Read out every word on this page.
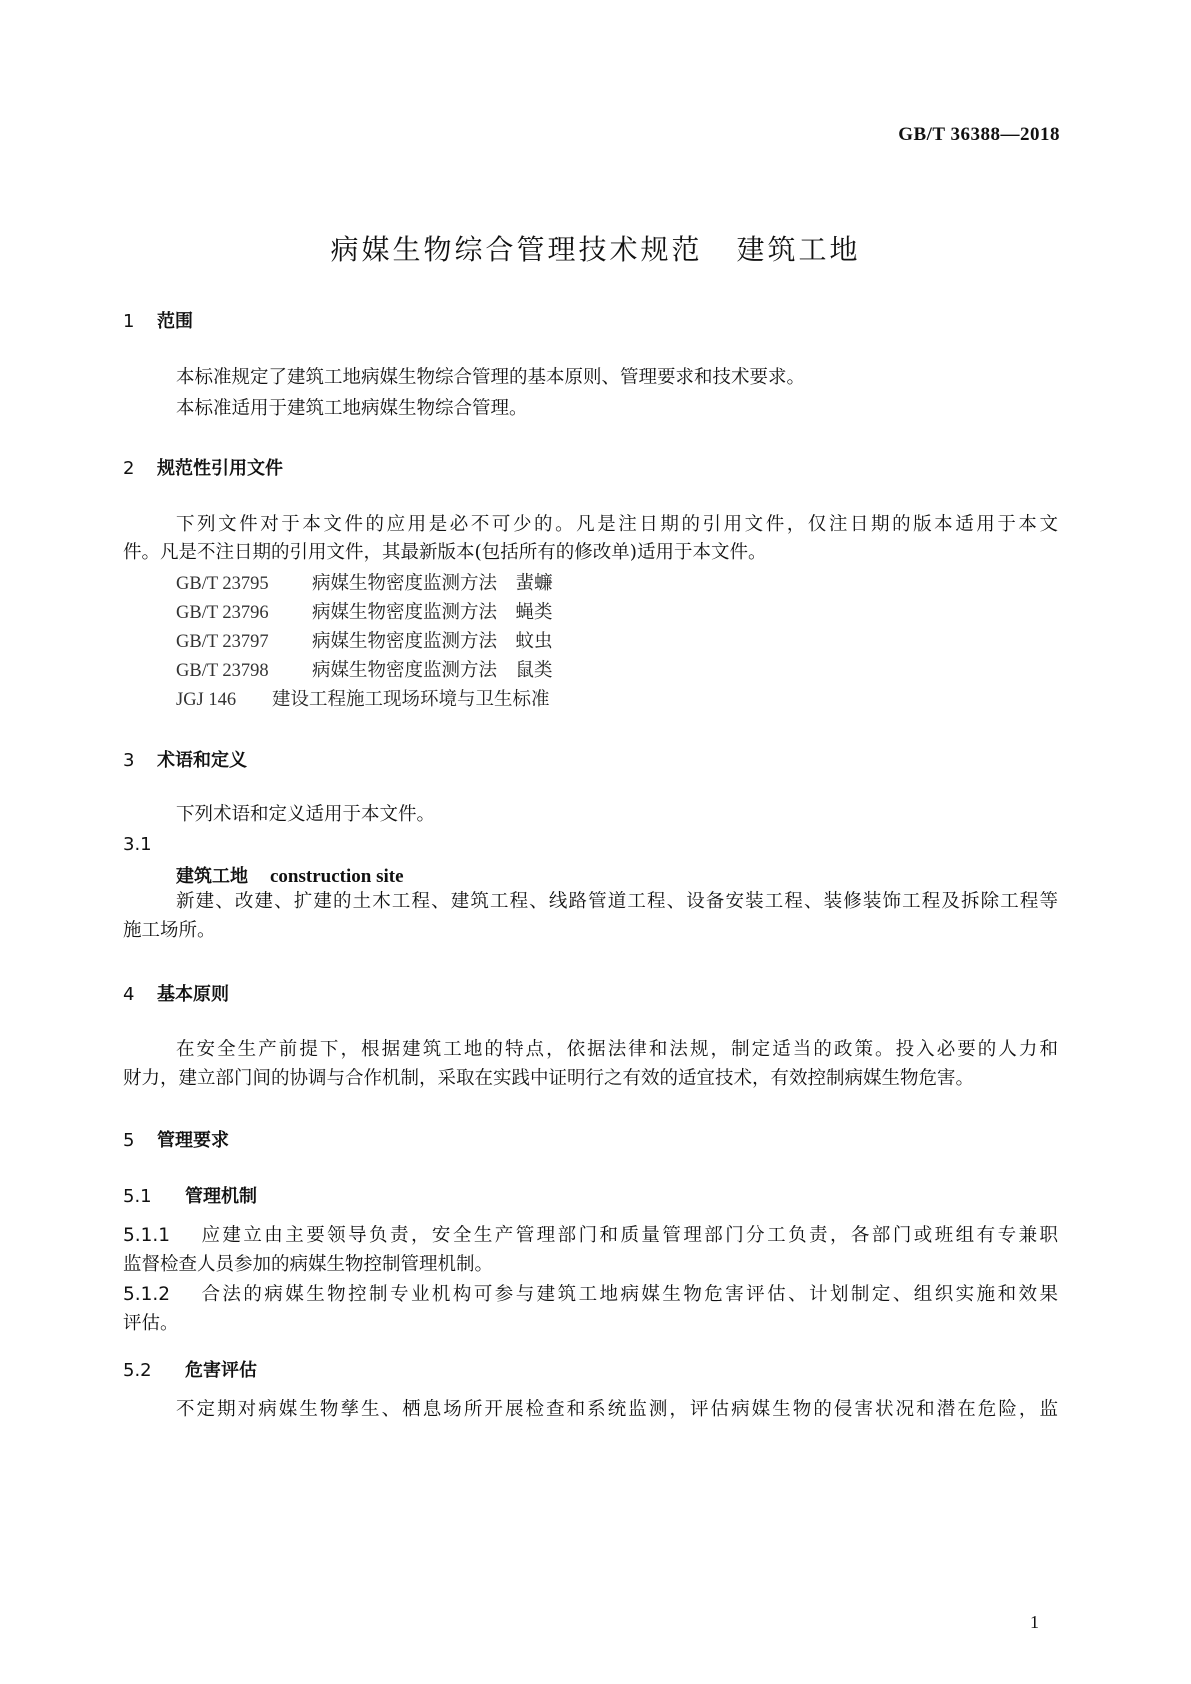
GB/T 36388—2018
病媒生物综合管理技术规范 建筑工地
1 范围
本标准规定了建筑工地病媒生物综合管理的基本原则、管理要求和技术要求。
本标准适用于建筑工地病媒生物综合管理。
2 规范性引用文件
下列文件对于本文件的应用是必不可少的。凡是注日期的引用文件，仅注日期的版本适用于本文
件。凡是不注日期的引用文件，其最新版本(包括所有的修改单)适用于本文件。
GB/T 23795 病媒生物密度监测方法　蜚蠊
GB/T 23796 病媒生物密度监测方法　蝇类
GB/T 23797 病媒生物密度监测方法　蚊虫
GB/T 23798 病媒生物密度监测方法　鼠类
JGJ 146 建设工程施工现场环境与卫生标准
3 术语和定义
下列术语和定义适用于本文件。
3.1
建筑工地 construction site
新建、改建、扩建的土木工程、建筑工程、线路管道工程、设备安装工程、装修装饰工程及拆除工程等
施工场所。
4 基本原则
在安全生产前提下，根据建筑工地的特点，依据法律和法规，制定适当的政策。投入必要的人力和
财力，建立部门间的协调与合作机制，采取在实践中证明行之有效的适宜技术，有效控制病媒生物危害。
5 管理要求
5.1 管理机制
5.1.1 应建立由主要领导负责，安全生产管理部门和质量管理部门分工负责，各部门或班组有专兼职
监督检查人员参加的病媒生物控制管理机制。
5.1.2 合法的病媒生物控制专业机构可参与建筑工地病媒生物危害评估、计划制定、组织实施和效果
评估。
5.2 危害评估
不定期对病媒生物孳生、栖息场所开展检查和系统监测，评估病媒生物的侵害状况和潜在危险，监
1
